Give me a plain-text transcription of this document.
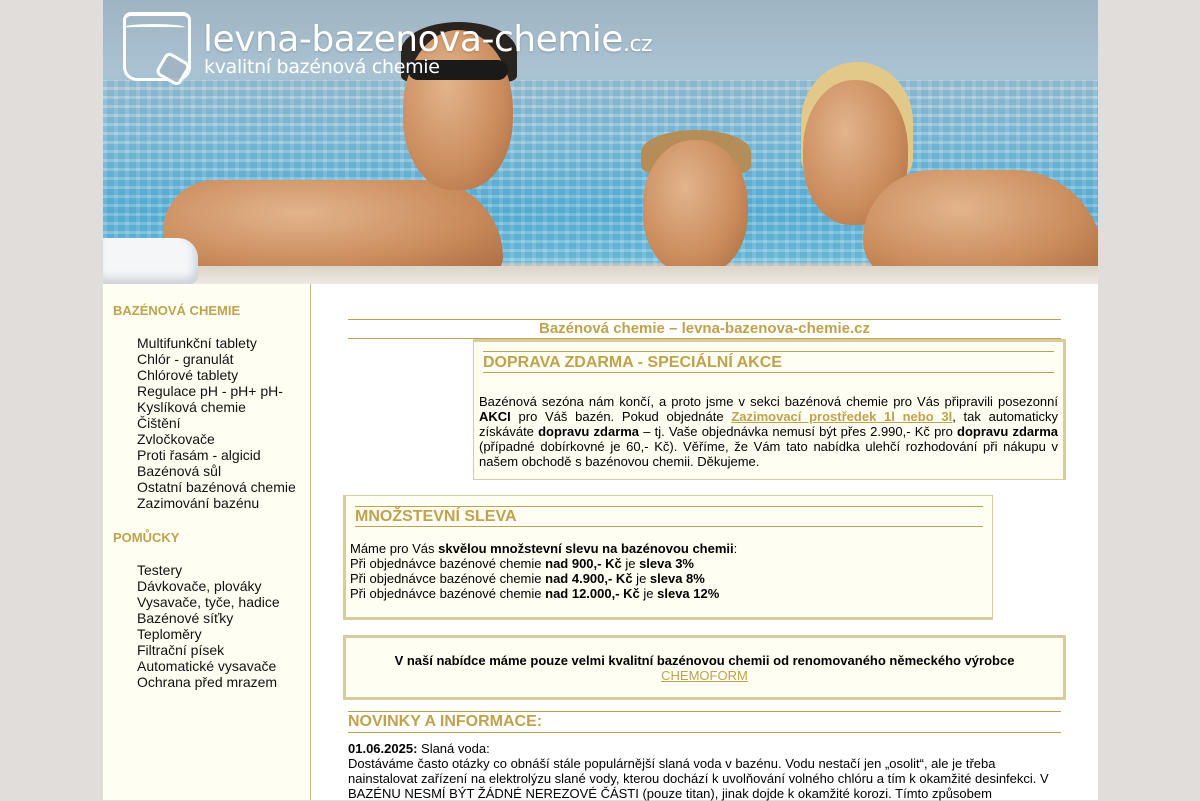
levna-bazenova-chemie.cz
kvalitní bazénová chemie
BAZÉNOVÁ CHEMIE
Multifunkční tablety
Chlór - granulát
Chlórové tablety
Regulace pH - pH+ pH-
Kyslíková chemie
Čištění
Zvločkovače
Proti řasám - algicid
Bazénová sůl
Ostatní bazénová chemie
Zazimování bazénu
POMŮCKY
Testery
Dávkovače, plováky
Vysavače, tyče, hadice
Bazénové síťky
Teploměry
Filtrační písek
Automatické vysavače
Ochrana před mrazem
Bazénová chemie – levna-bazenova-chemie.cz
DOPRAVA ZDARMA - SPECIÁLNÍ AKCE

Bazénová sezóna nám končí, a proto jsme v sekci bazénová chemie pro Vás připravili posezonní AKCI pro Váš bazén. Pokud objednáte Zazimovací prostředek 1l nebo 3l, tak automaticky získáváte dopravu zdarma – tj. Vaše objednávka nemusí být přes 2.990,- Kč pro dopravu zdarma (případné dobírkovné je 60,- Kč). Věříme, že Vám tato nabídka ulehčí rozhodování při nákupu v našem obchodě s bazénovou chemii. Děkujeme.

MNOŽSTEVNÍ SLEVA

Máme pro Vás skvělou množstevní slevu na bazénovou chemii:

Při objednávce bazénové chemie nad 900,- Kč je sleva 3%

Při objednávce bazénové chemie nad 4.900,- Kč je sleva 8%

Při objednávce bazénové chemie nad 12.000,- Kč je sleva 12%

V naší nabídce máme pouze velmi kvalitní bazénovou chemii od renomovaného německého výrobce
CHEMOFORM

NOVINKY A INFORMACE:
01.06.2025: Slaná voda:
Dostáváme často otázky co obnáší stále populárnější slaná voda v bazénu. Vodu nestačí jen „osolit“, ale je třeba nainstalovat zařízení na elektrolýzu slané vody, kterou dochází k uvolňování volného chlóru a tím k okamžité desinfekci. V BAZÉNU NESMÍ BÝT ŽÁDNÉ NEREZOVÉ ČÁSTI (pouze titan), jinak dojde k okamžité korozi. Tímto způsobem
